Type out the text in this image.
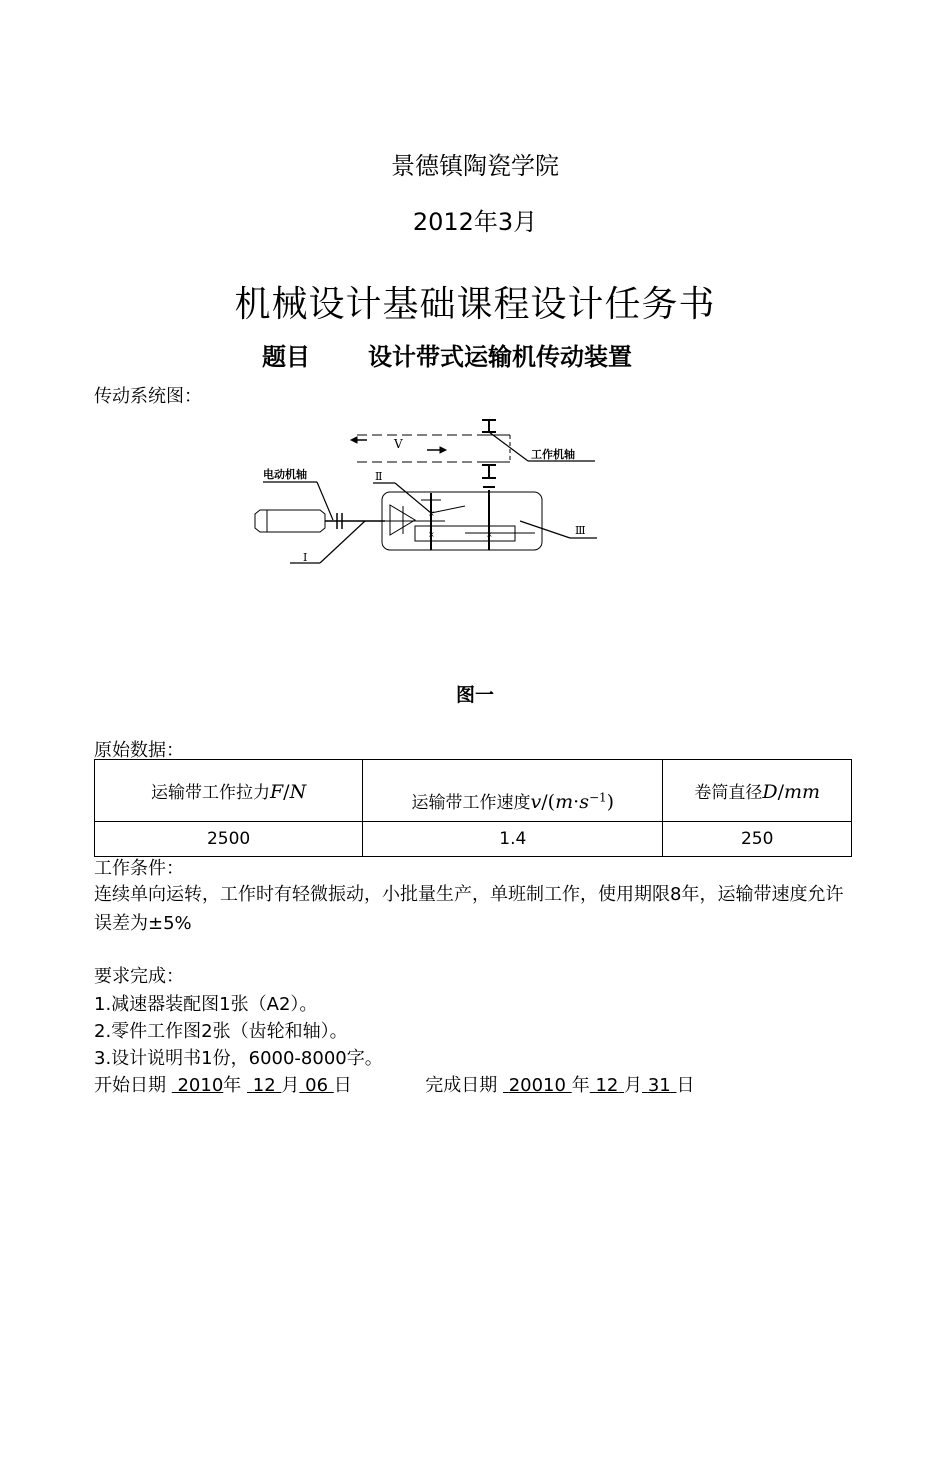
景德镇陶瓷学院
2012年3月
机械设计基础课程设计任务书
题目 设计带式运输机传动装置
传动系统图：
V
工作机轴
电动机轴
×
×	×
Ⅱ
Ⅰ
Ⅲ
图一
原始数据：
运输带工作拉力F/N	运输带工作速度$v/(m\cdot s^{-1})$	卷筒直径D/mm
2500	1.4	250
工作条件：
连续单向运转，工作时有轻微振动，小批量生产，单班制工作，使用期限8年，运输带速度允许误差为±5%
要求完成：
1.减速器装配图1张（A2）。
2.零件工作图2张（齿轮和轴）。
3.设计说明书1份，6000-8000字。
开始日期 2010年 12 月 06 日	完成日期 20010 年 12 月 31 日
